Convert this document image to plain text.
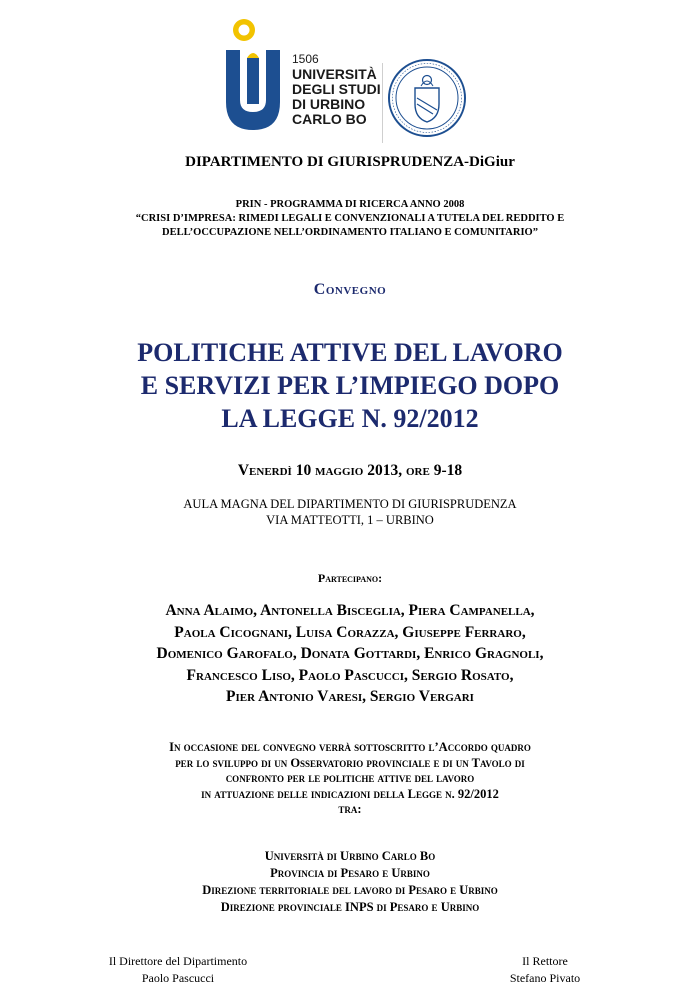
1506
UNIVERSITÀ
DEGLI STUDI
DI URBINO
CARLO BO
DIPARTIMENTO DI GIURISPRUDENZA-DiGiur
PRIN - PROGRAMMA DI RICERCA ANNO 2008
“CRISI D’IMPRESA: RIMEDI LEGALI E CONVENZIONALI A TUTELA DEL REDDITO E
DELL’OCCUPAZIONE NELL’ORDINAMENTO ITALIANO E COMUNITARIO”
Convegno
POLITICHE ATTIVE DEL LAVORO
E SERVIZI PER L’IMPIEGO DOPO
LA LEGGE N. 92/2012
Venerdì 10 maggio 2013, ore 9-18
AULA MAGNA DEL DIPARTIMENTO DI GIURISPRUDENZA
VIA MATTEOTTI, 1 – URBINO
Partecipano:
Anna Alaimo, Antonella Bisceglia, Piera Campanella,
Paola Cicognani, Luisa Corazza, Giuseppe Ferraro,
Domenico Garofalo, Donata Gottardi, Enrico Gragnoli,
Francesco Liso, Paolo Pascucci, Sergio Rosato,
Pier Antonio Varesi, Sergio Vergari
In occasione del convegno verrà sottoscritto l’Accordo quadro
per lo sviluppo di un Osservatorio provinciale e di un Tavolo di
confronto per le politiche attive del lavoro
in attuazione delle indicazioni della Legge n. 92/2012
tra:
Università di Urbino Carlo Bo
Provincia di Pesaro e Urbino
Direzione territoriale del lavoro di Pesaro e Urbino
Direzione provinciale INPS di Pesaro e Urbino
Il Direttore del Dipartimento
Paolo Pascucci
Il Rettore
Stefano Pivato
